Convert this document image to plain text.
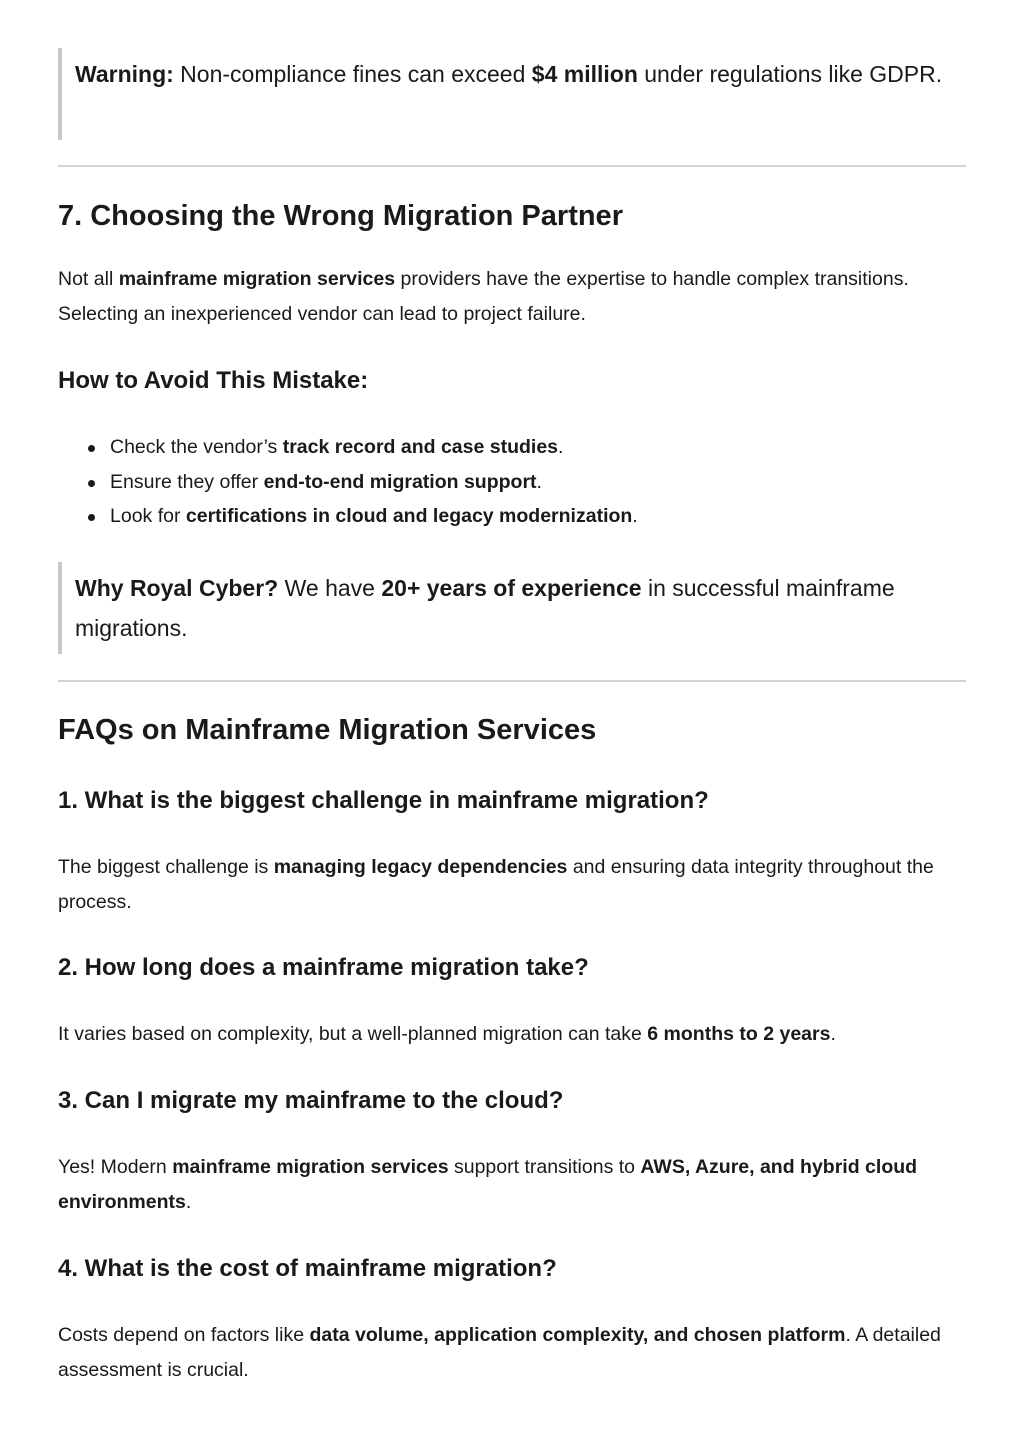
Warning: Non-compliance fines can exceed $4 million under regulations like GDPR.
7. Choosing the Wrong Migration Partner

Not all mainframe migration services providers have the expertise to handle complex transitions. Selecting an inexperienced vendor can lead to project failure.

How to Avoid This Mistake:
Check the vendor’s track record and case studies.
Ensure they offer end-to-end migration support.
Look for certifications in cloud and legacy modernization.
Why Royal Cyber? We have 20+ years of experience in successful mainframe migrations.
FAQs on Mainframe Migration Services
1. What is the biggest challenge in mainframe migration?

The biggest challenge is managing legacy dependencies and ensuring data integrity throughout the process.

2. How long does a mainframe migration take?

It varies based on complexity, but a well-planned migration can take 6 months to 2 years.

3. Can I migrate my mainframe to the cloud?

Yes! Modern mainframe migration services support transitions to AWS, Azure, and hybrid cloud environments.

4. What is the cost of mainframe migration?

Costs depend on factors like data volume, application complexity, and chosen platform. A detailed assessment is crucial.
